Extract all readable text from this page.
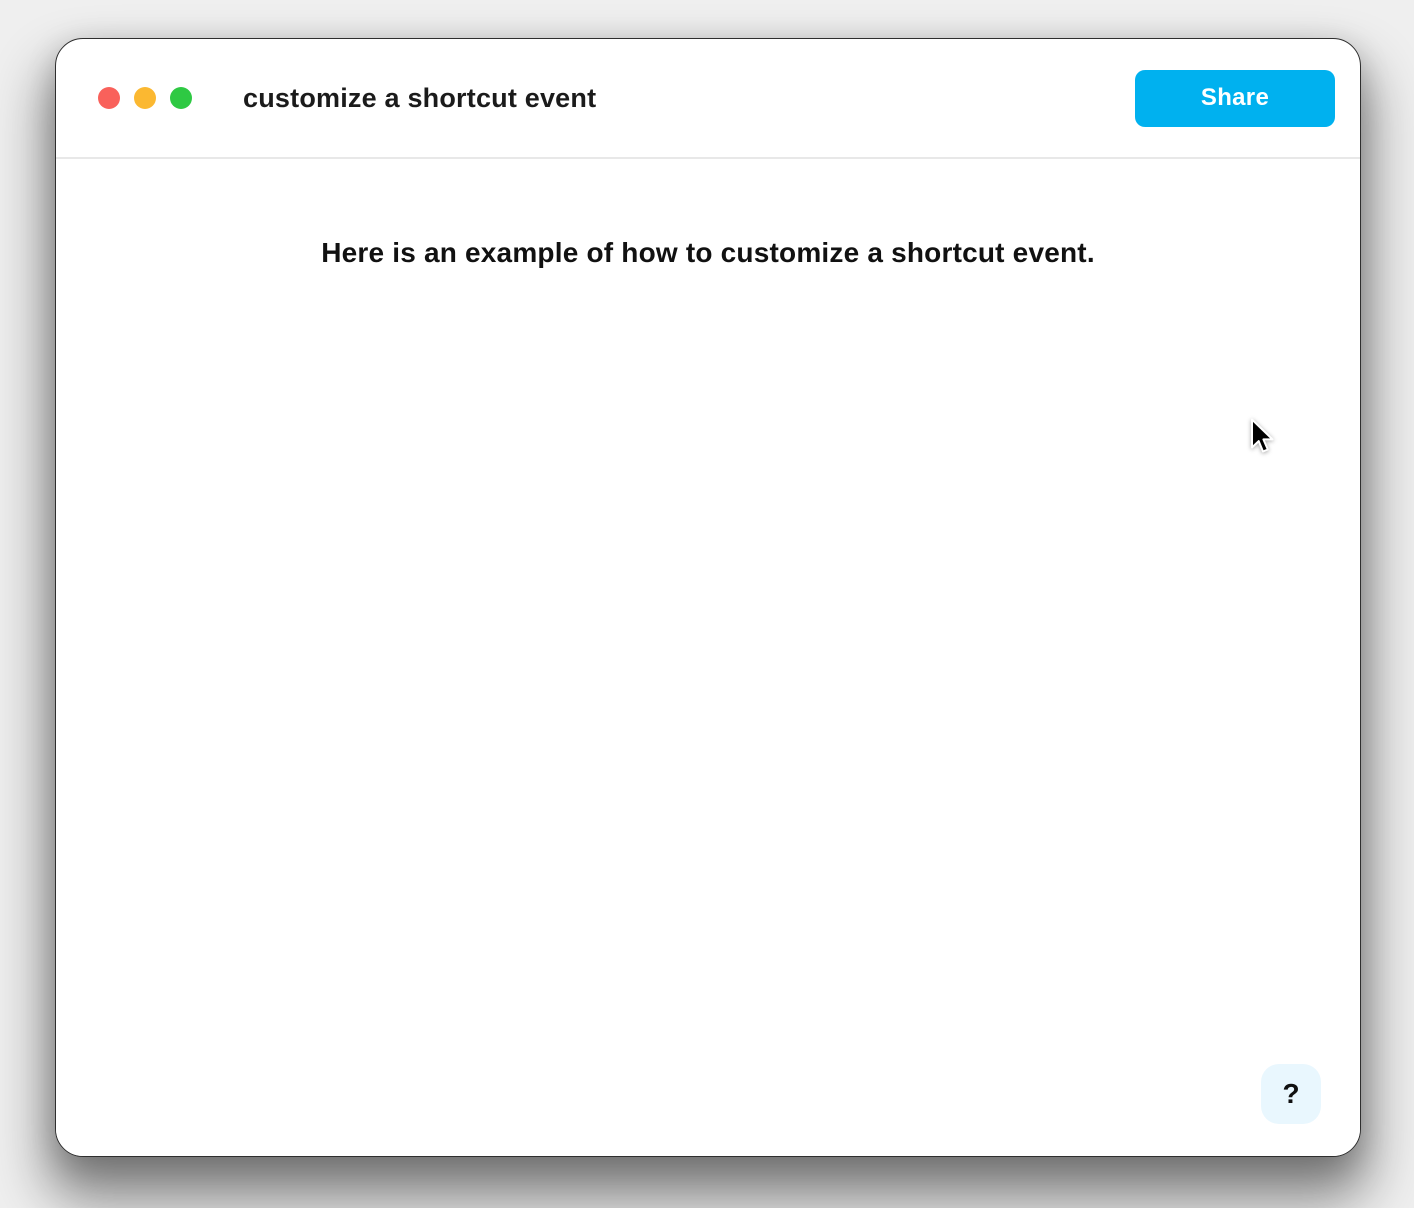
customize a shortcut event	Share
Here is an example of how to customize a shortcut event.
?
